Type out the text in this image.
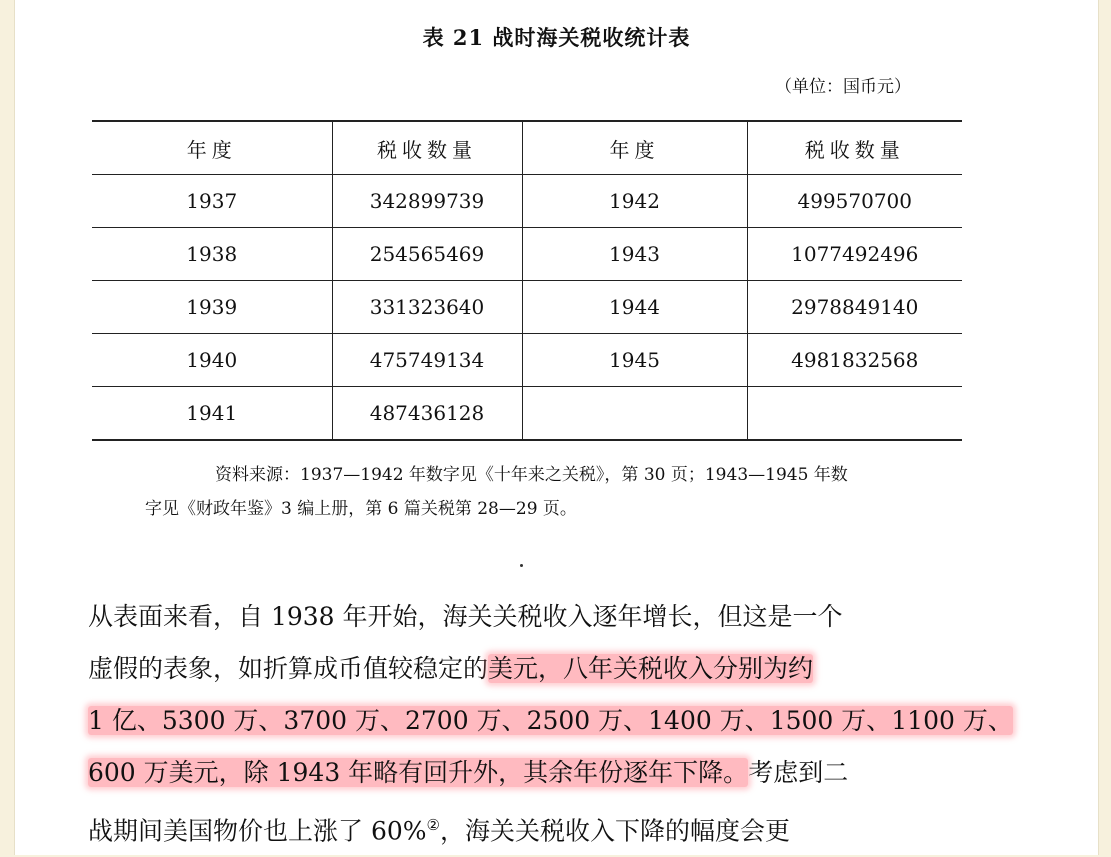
表 21 战时海关税收统计表
（单位：国币元）
年度	税收数量	年度	税收数量
1937	342899739	1942	499570700
1938	254565469	1943	1077492496
1939	331323640	1944	2978849140
1940	475749134	1945	4981832568
1941	487436128		
资料来源：1937—1942 年数字见《十年来之关税》，第 30 页；1943—1945 年数
字见《财政年鉴》3 编上册，第 6 篇关税第 28—29 页。
从表面来看，自 1938 年开始，海关关税收入逐年增长，但这是一个
虚假的表象，如折算成币值较稳定的美元，八年关税收入分别为约
1 亿、5300 万、3700 万、2700 万、2500 万、1400 万、1500 万、1100 万、
600 万美元，除 1943 年略有回升外，其余年份逐年下降。考虑到二
战期间美国物价也上涨了 60%②，海关关税收入下降的幅度会更
